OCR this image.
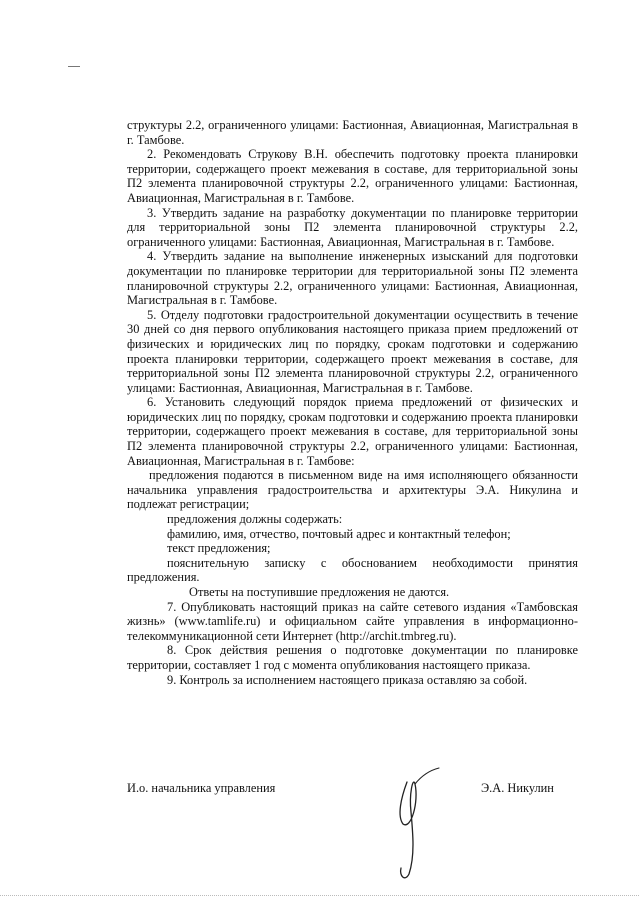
структуры 2.2, ограниченного улицами: Бастионная, Авиационная, Магистральная в г. Тамбове.

2. Рекомендовать Струкову В.Н. обеспечить подготовку проекта планировки территории, содержащего проект межевания в составе, для территориальной зоны П2 элемента планировочной структуры 2.2, ограниченного улицами: Бастионная, Авиационная, Магистральная в г. Тамбове.

3. Утвердить задание на разработку документации по планировке территории для территориальной зоны П2 элемента планировочной структуры 2.2, ограниченного улицами: Бастионная, Авиационная, Магистральная в г. Тамбове.

4. Утвердить задание на выполнение инженерных изысканий для подготовки документации по планировке территории для территориальной зоны П2 элемента планировочной структуры 2.2, ограниченного улицами: Бастионная, Авиационная, Магистральная в г. Тамбове.

5. Отделу подготовки градостроительной документации осуществить в течение 30 дней со дня первого опубликования настоящего приказа прием предложений от физических и юридических лиц по порядку, срокам подготовки и содержанию проекта планировки территории, содержащего проект межевания в составе, для территориальной зоны П2 элемента планировочной структуры 2.2, ограниченного улицами: Бастионная, Авиационная, Магистральная в г. Тамбове.

6. Установить следующий порядок приема предложений от физических и юридических лиц по порядку, срокам подготовки и содержанию проекта планировки территории, содержащего проект межевания в составе, для территориальной зоны П2 элемента планировочной структуры 2.2, ограниченного улицами: Бастионная, Авиационная, Магистральная в г. Тамбове:

предложения подаются в письменном виде на имя исполняющего обязанности начальника управления градостроительства и архитектуры Э.А. Никулина и подлежат регистрации;

предложения должны содержать:

фамилию, имя, отчество, почтовый адрес и контактный телефон;

текст предложения;

пояснительную записку с обоснованием необходимости принятия предложения.

Ответы на поступившие предложения не даются.

7. Опубликовать настоящий приказ на сайте сетевого издания «Тамбовская жизнь» (www.tamlife.ru) и официальном сайте управления в информационно-телекоммуникационной сети Интернет (http://archit.tmbreg.ru).

8. Срок действия решения о подготовке документации по планировке территории, составляет 1 год с момента опубликования настоящего приказа.

9. Контроль за исполнением настоящего приказа оставляю за собой.

И.о. начальника управления	Э.А. Никулин
